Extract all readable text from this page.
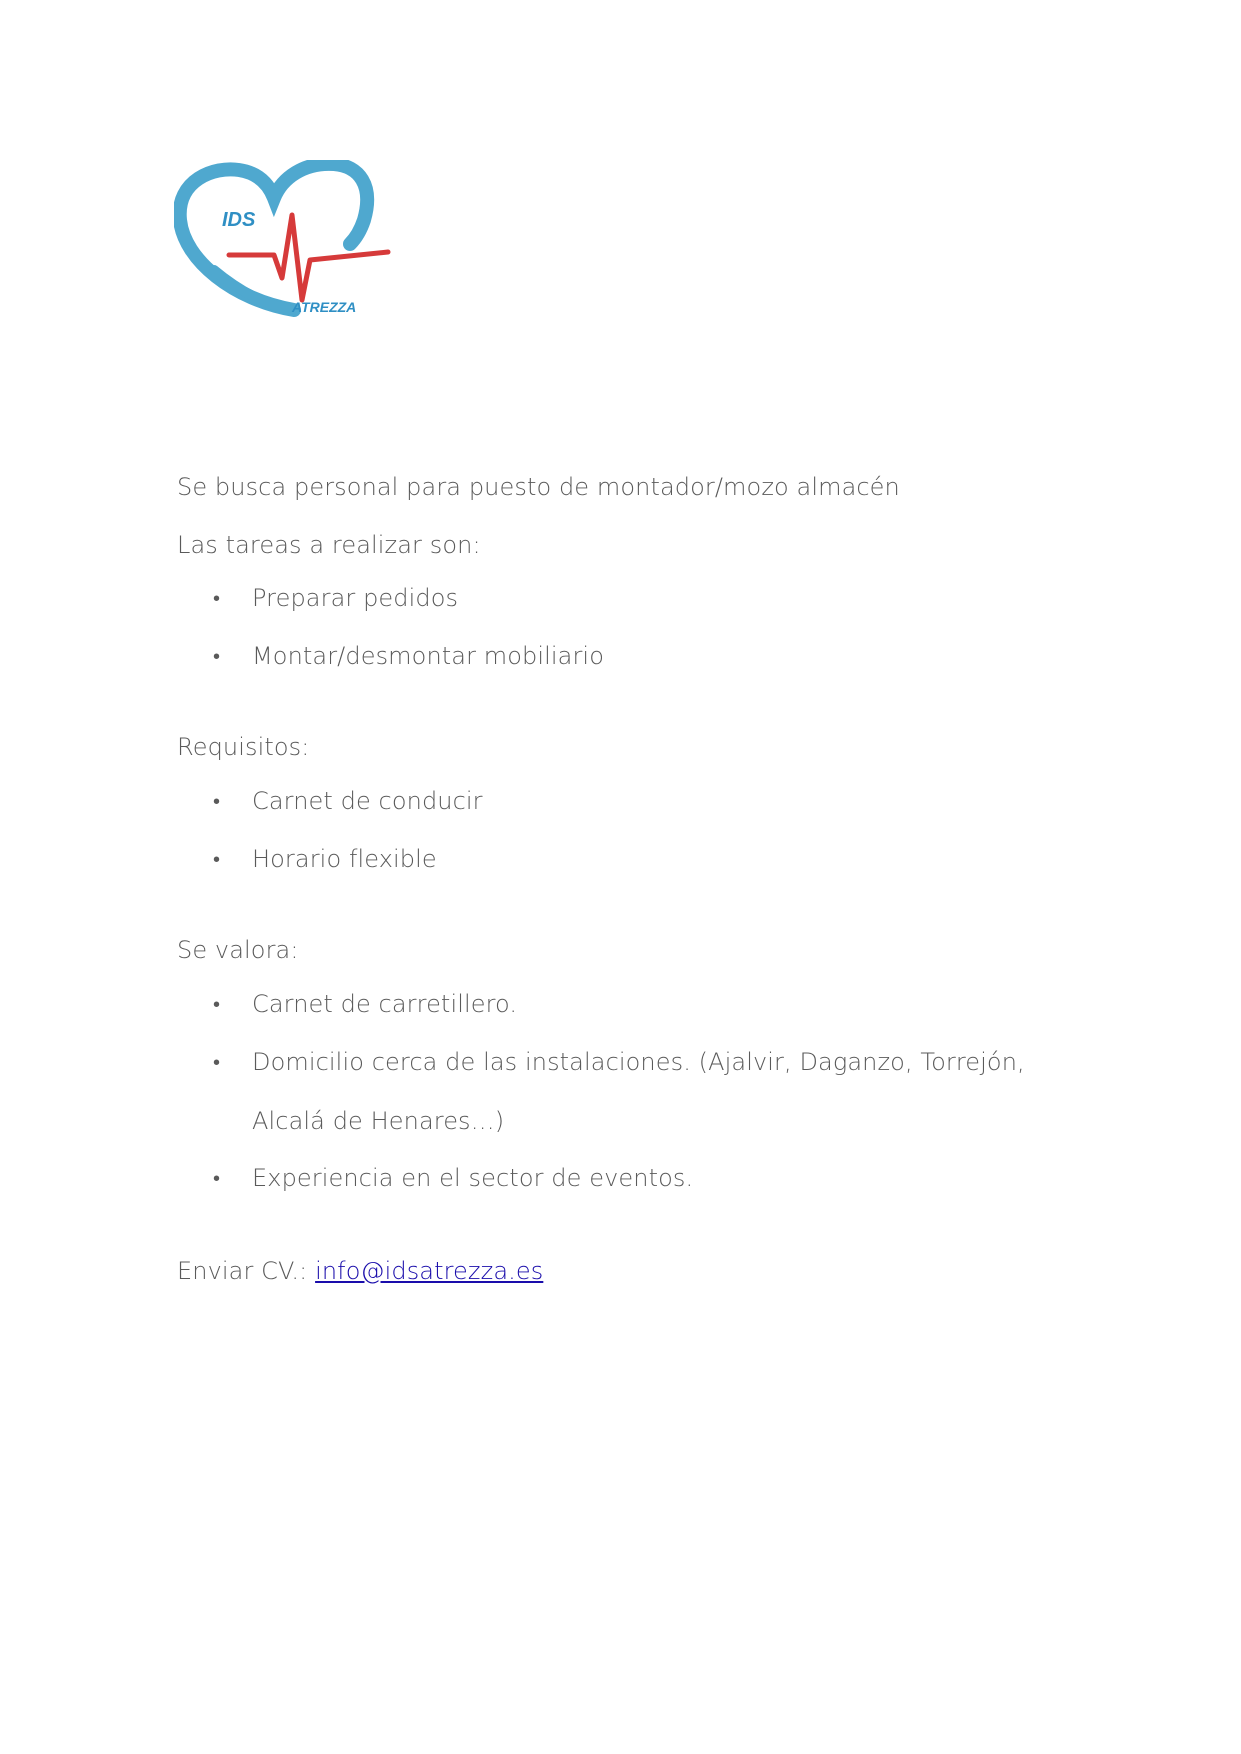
IDS
ATREZZA
Se busca personal para puesto de montador/mozo almacén
Las tareas a realizar son:
• Preparar pedidos
• Montar/desmontar mobiliario
Requisitos:
• Carnet de conducir
• Horario flexible
Se valora:
• Carnet de carretillero.
• Domicilio cerca de las instalaciones. (Ajalvir, Daganzo, Torrejón, Alcalá de Henares…)
• Experiencia en el sector de eventos.
Enviar CV.: info@idsatrezza.es
